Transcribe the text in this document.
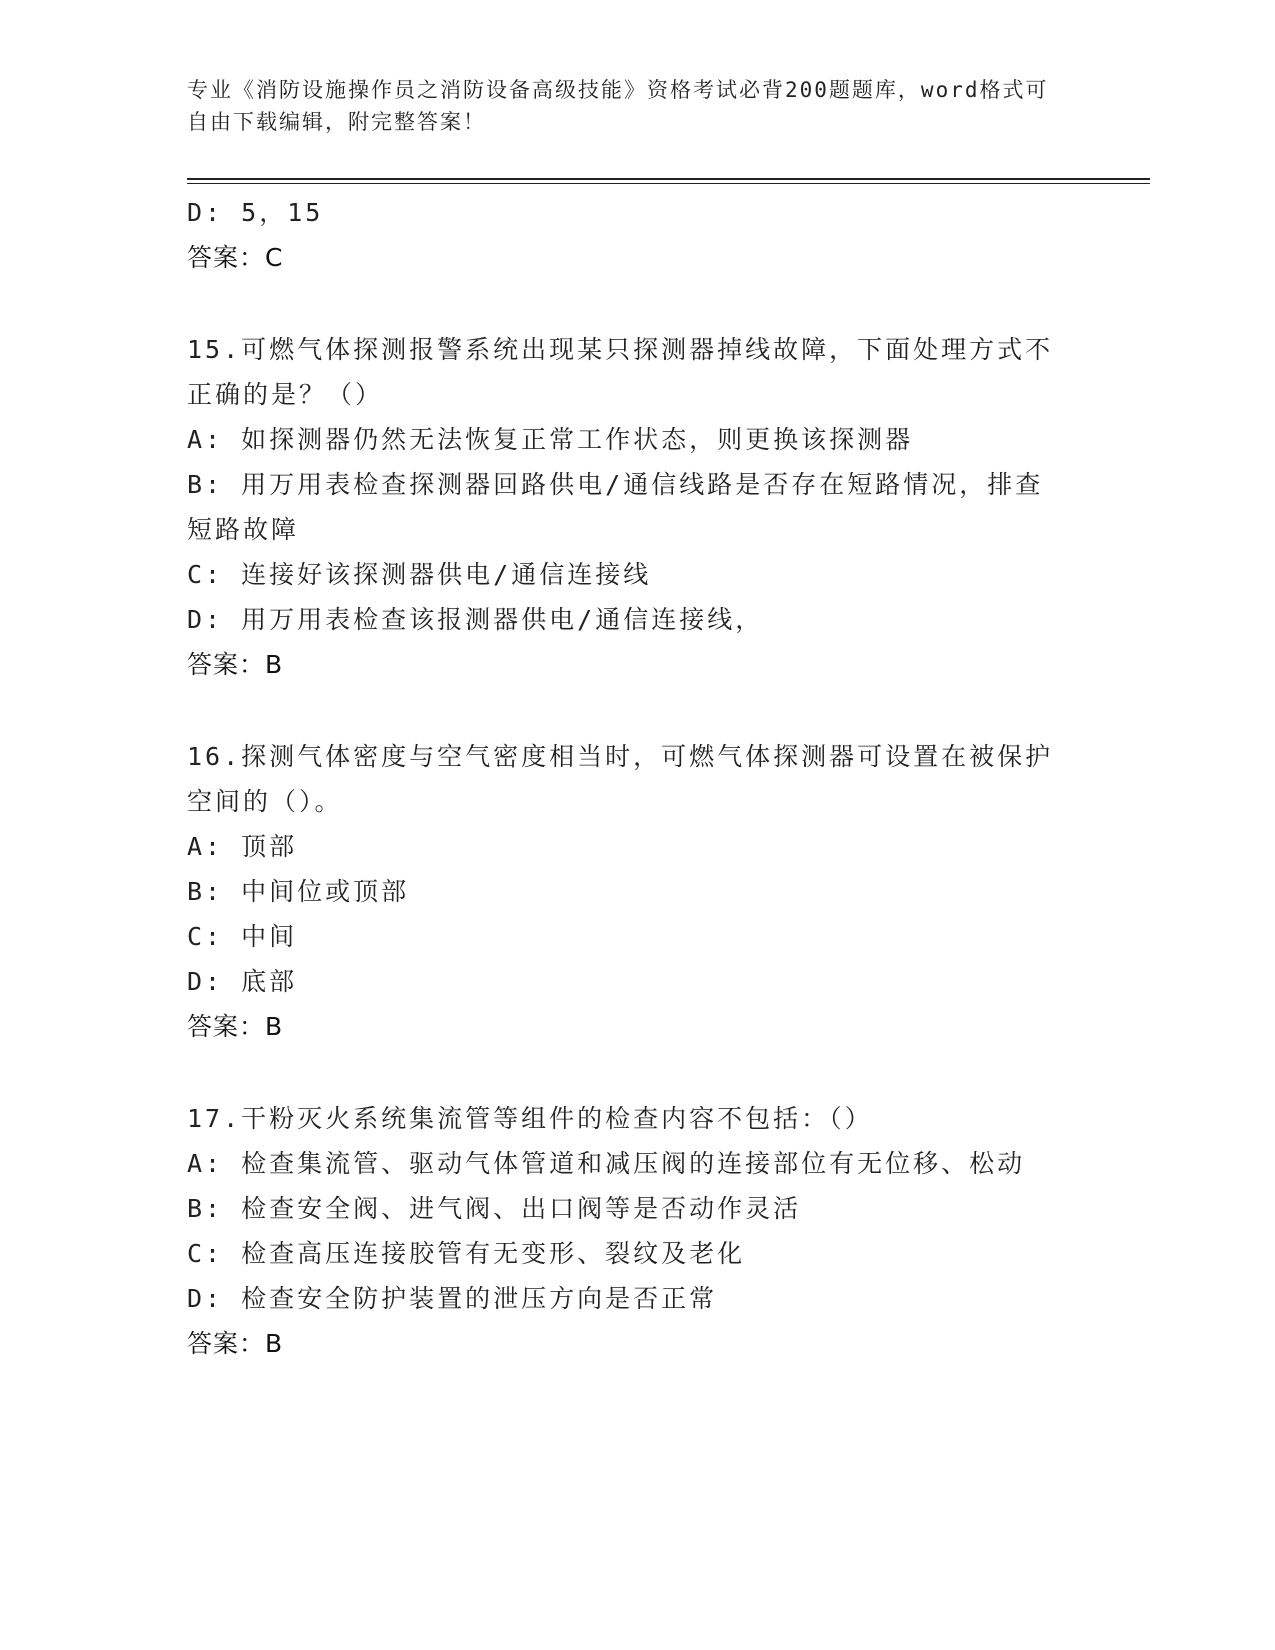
专业《消防设施操作员之消防设备高级技能》资格考试必背200题题库，word格式可自由下载编辑，附完整答案！
D: 5，15
答案：C
15.可燃气体探测报警系统出现某只探测器掉线故障，下面处理方式不
正确的是？（）
A: 如探测器仍然无法恢复正常工作状态，则更换该探测器
B: 用万用表检查探测器回路供电/通信线路是否存在短路情况，排查
短路故障
C: 连接好该探测器供电/通信连接线
D: 用万用表检查该报测器供电/通信连接线，
答案：B
16.探测气体密度与空气密度相当时，可燃气体探测器可设置在被保护
空间的（）。
A: 顶部
B: 中间位或顶部
C: 中间
D: 底部
答案：B
17.干粉灭火系统集流管等组件的检查内容不包括：（）
A: 检查集流管、驱动气体管道和减压阀的连接部位有无位移、松动
B: 检查安全阀、进气阀、出口阀等是否动作灵活
C: 检查高压连接胶管有无变形、裂纹及老化
D: 检查安全防护装置的泄压方向是否正常
答案：B
